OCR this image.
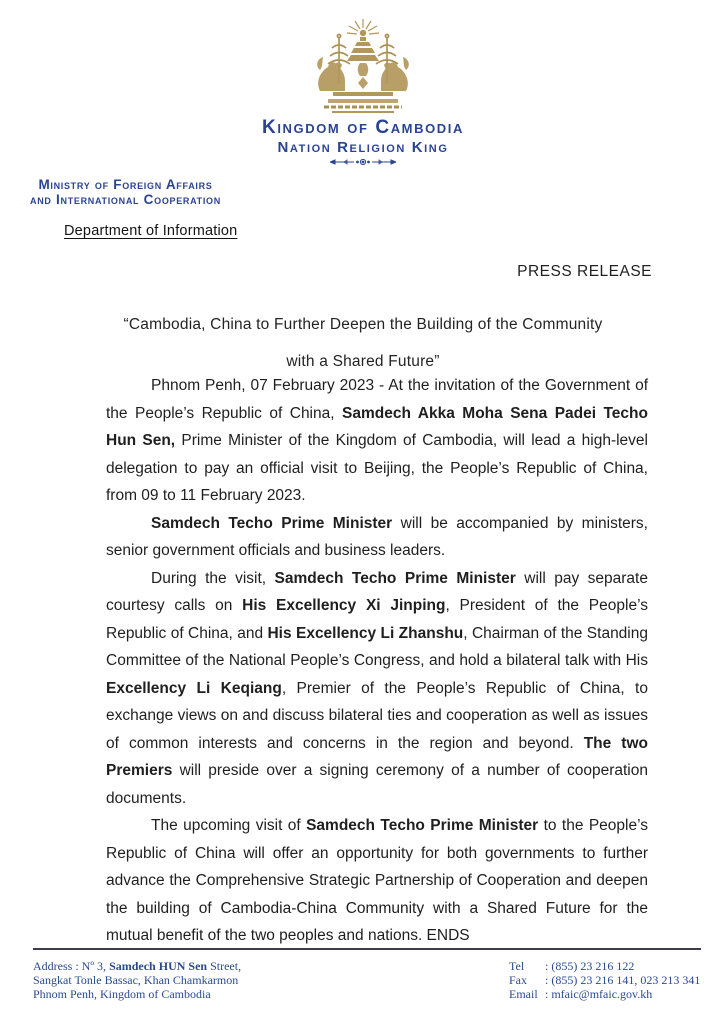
Kingdom of Cambodia
Nation Religion King
Ministry of Foreign Affairs
and International Cooperation
Department of Information
PRESS RELEASE
“Cambodia, China to Further Deepen the Building of the Community
with a Shared Future”

Phnom Penh, 07 February 2023 - At the invitation of the Government of the People’s Republic of China, Samdech Akka Moha Sena Padei Techo Hun Sen, Prime Minister of the Kingdom of Cambodia, will lead a high-level delegation to pay an official visit to Beijing, the People’s Republic of China, from 09 to 11 February 2023.

Samdech Techo Prime Minister will be accompanied by ministers, senior government officials and business leaders.

During the visit, Samdech Techo Prime Minister will pay separate courtesy calls on His Excellency Xi Jinping, President of the People’s Republic of China, and His Excellency Li Zhanshu, Chairman of the Standing Committee of the National People’s Congress, and hold a bilateral talk with His Excellency Li Keqiang, Premier of the People’s Republic of China, to exchange views on and discuss bilateral ties and cooperation as well as issues of common interests and concerns in the region and beyond. The two Premiers will preside over a signing ceremony of a number of cooperation documents.

The upcoming visit of Samdech Techo Prime Minister to the People’s Republic of China will offer an opportunity for both governments to further advance the Comprehensive Strategic Partnership of Cooperation and deepen the building of Cambodia-China Community with a Shared Future for the mutual benefit of the two peoples and nations. ENDS

Address : Nº 3, Samdech HUN Sen Street,
Sangkat Tonle Bassac, Khan Chamkarmon
Phnom Penh, Kingdom of Cambodia
Tel	: (855) 23 216 122
Fax	: (855) 23 216 141, 023 213 341
Email : mfaic@mfaic.gov.kh
